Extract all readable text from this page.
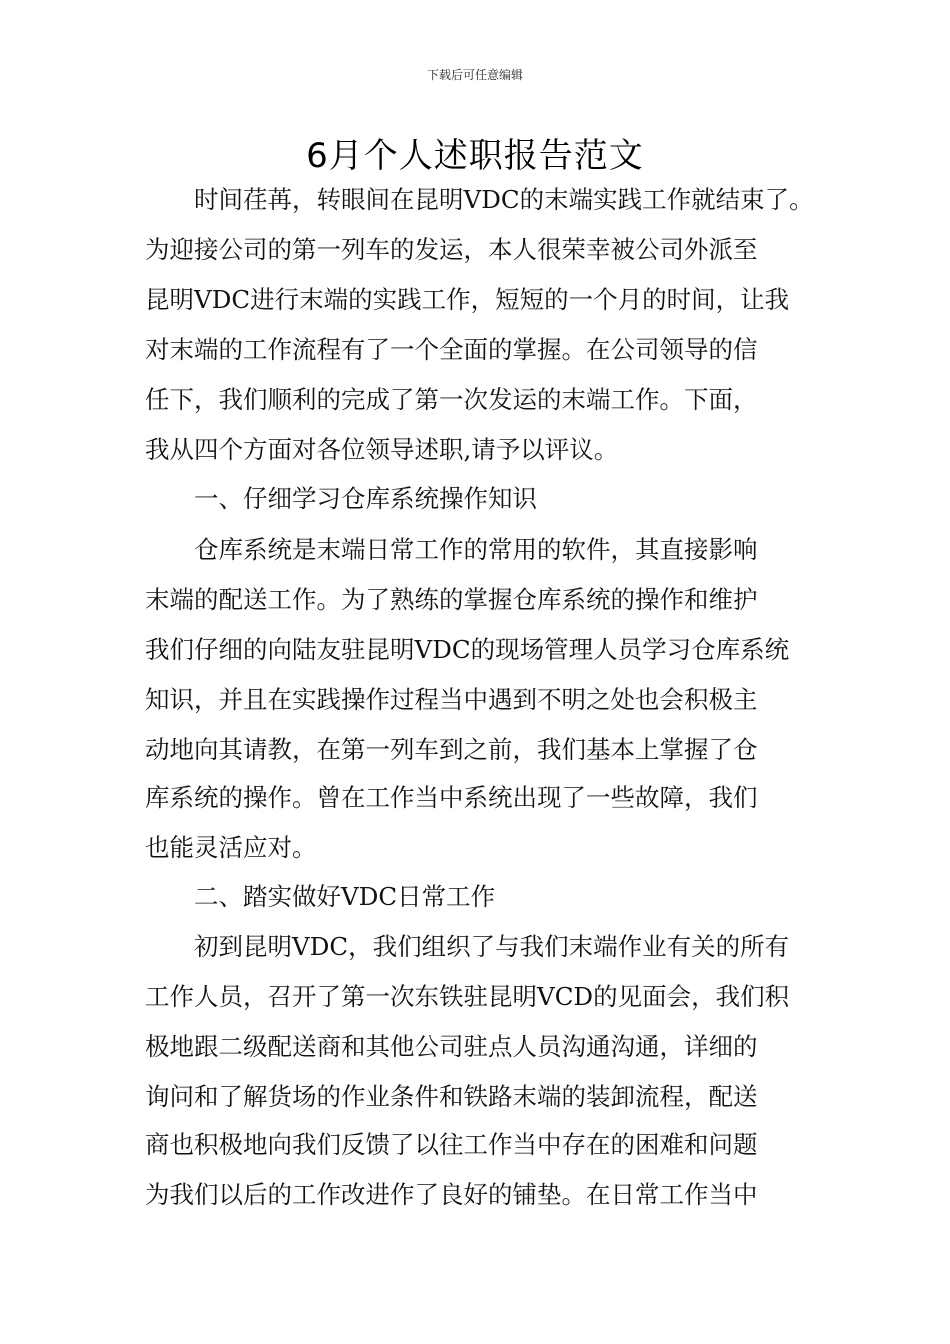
下载后可任意编辑
6月个人述职报告范文
　　时间荏苒，转眼间在昆明VDC的末端实践工作就结束了。
为迎接公司的第一列车的发运，本人很荣幸被公司外派至
昆明VDC进行末端的实践工作，短短的一个月的时间，让我
对末端的工作流程有了一个全面的掌握。在公司领导的信
任下，我们顺利的完成了第一次发运的末端工作。下面，
我从四个方面对各位领导述职,请予以评议。
　　一、仔细学习仓库系统操作知识
　　仓库系统是末端日常工作的常用的软件，其直接影响
末端的配送工作。为了熟练的掌握仓库系统的操作和维护
我们仔细的向陆友驻昆明VDC的现场管理人员学习仓库系统
知识，并且在实践操作过程当中遇到不明之处也会积极主
动地向其请教，在第一列车到之前，我们基本上掌握了仓
库系统的操作。曾在工作当中系统出现了一些故障，我们
也能灵活应对。
　　二、踏实做好VDC日常工作
　　初到昆明VDC，我们组织了与我们末端作业有关的所有
工作人员，召开了第一次东铁驻昆明VCD的见面会，我们积
极地跟二级配送商和其他公司驻点人员沟通沟通，详细的
询问和了解货场的作业条件和铁路末端的装卸流程，配送
商也积极地向我们反馈了以往工作当中存在的困难和问题
为我们以后的工作改进作了良好的铺垫。在日常工作当中
